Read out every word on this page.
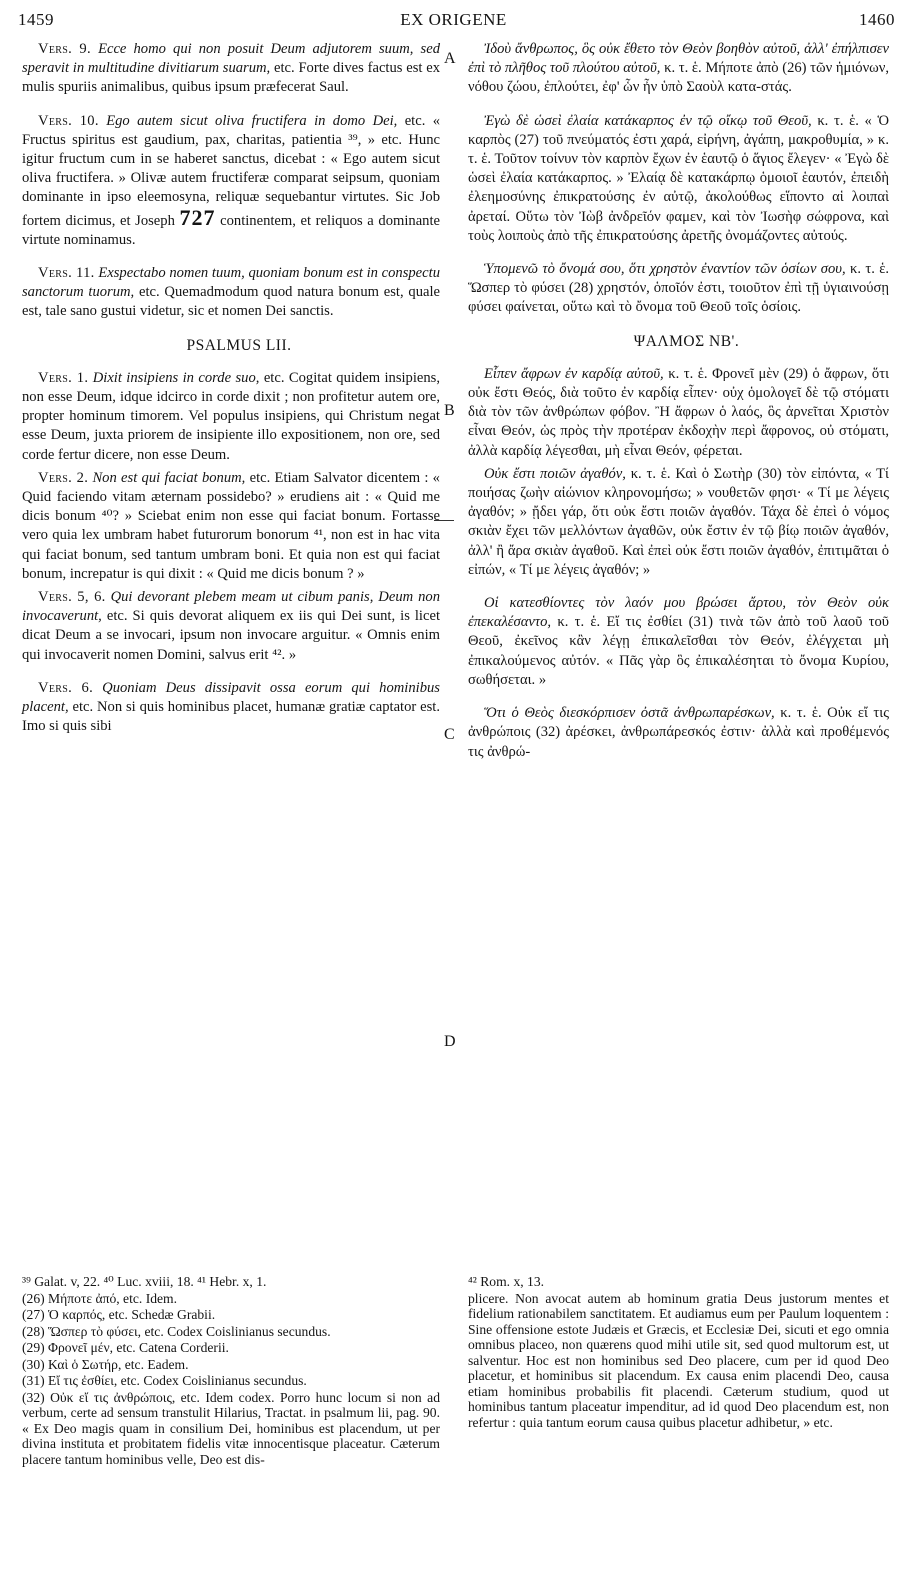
1459	EX ORIGENE	1460
A
B
C
D

Vers. 9. Ecce homo qui non posuit Deum adjutorem suum, sed speravit in multitudine divitiarum suarum, etc. Forte dives factus est ex mulis spuriis animalibus, quibus ipsum præfecerat Saul.

Vers. 10. Ego autem sicut oliva fructifera in domo Dei, etc. « Fructus spiritus est gaudium, pax, charitas, patientia ³⁹, » etc. Hunc igitur fructum cum in se haberet sanctus, dicebat : « Ego autem sicut oliva fructifera. » Olivæ autem fructiferæ comparat seipsum, quoniam dominante in ipso eleemosyna, reliquæ sequebantur virtutes. Sic Job fortem dicimus, et Joseph 727 continentem, et reliquos a dominante virtute nominamus.

Vers. 11. Exspectabo nomen tuum, quoniam bonum est in conspectu sanctorum tuorum, etc. Quemadmodum quod natura bonum est, quale est, tale sano gustui videtur, sic et nomen Dei sanctis.

PSALMUS LII.

Vers. 1. Dixit insipiens in corde suo, etc. Cogitat quidem insipiens, non esse Deum, idque idcirco in corde dixit ; non profitetur autem ore, propter hominum timorem. Vel populus insipiens, qui Christum negat esse Deum, juxta priorem de insipiente illo expositionem, non ore, sed corde fertur dicere, non esse Deum.

Vers. 2. Non est qui faciat bonum, etc. Etiam Salvator dicentem : « Quid faciendo vitam æternam possidebo? » erudiens ait : « Quid me dicis bonum ⁴⁰? » Sciebat enim non esse qui faciat bonum. Fortasse vero quia lex umbram habet futurorum bonorum ⁴¹, non est in hac vita qui faciat bonum, sed tantum umbram boni. Et quia non est qui faciat bonum, increpatur is qui dixit : « Quid me dicis bonum ? »

Vers. 5, 6. Qui devorant plebem meam ut cibum panis, Deum non invocaverunt, etc. Si quis devorat aliquem ex iis qui Dei sunt, is licet dicat Deum a se invocari, ipsum non invocare arguitur. « Omnis enim qui invocaverit nomen Domini, salvus erit ⁴². »

Vers. 6. Quoniam Deus dissipavit ossa eorum qui hominibus placent, etc. Non si quis hominibus placet, humanæ gratiæ captator est. Imo si quis sibi

Ἰδοὺ ἄνθρωπος, ὃς οὐκ ἔθετο τὸν Θεὸν βοηθὸν αὐτοῦ, ἀλλ' ἐπήλπισεν ἐπὶ τὸ πλῆθος τοῦ πλούτου αὐτοῦ, κ. τ. ἑ. Μήποτε ἀπὸ (26) τῶν ἡμιόνων, νόθου ζώου, ἐπλούτει, ἐφ' ὧν ἦν ὑπὸ Σαοὺλ κατα-στάς.

Ἐγὼ δὲ ὡσεὶ ἐλαία κατάκαρπος ἐν τῷ οἴκῳ τοῦ Θεοῦ, κ. τ. ἑ. « Ὁ καρπὸς (27) τοῦ πνεύματός ἐστι χαρά, εἰρήνη, ἀγάπη, μακροθυμία, » κ. τ. ἑ. Τοῦτον τοίνυν τὸν καρπὸν ἔχων ἐν ἑαυτῷ ὁ ἅγιος ἔλεγεν· « Ἐγὼ δὲ ὡσεὶ ἐλαία κατάκαρπος. » Ἐλαίᾳ δὲ κατακάρπῳ ὁμοιοῖ ἑαυτόν, ἐπειδὴ ἐλεημοσύνης ἐπικρατούσης ἐν αὐτῷ, ἀκολούθως εἵποντο αἱ λοιπαὶ ἀρεταί. Οὕτω τὸν Ἰὼβ ἀνδρεῖόν φαμεν, καὶ τὸν Ἰωσὴφ σώφρονα, καὶ τοὺς λοιποὺς ἀπὸ τῆς ἐπικρατούσης ἀρετῆς ὀνομάζοντες αὐτούς.

Ὑπομενῶ τὸ ὄνομά σου, ὅτι χρηστὸν ἐναντίον τῶν ὁσίων σου, κ. τ. ἑ. Ὥσπερ τὸ φύσει (28) χρηστόν, ὁποῖόν ἐστι, τοιοῦτον ἐπὶ τῇ ὑγιαινούσῃ φύσει φαίνεται, οὕτω καὶ τὸ ὄνομα τοῦ Θεοῦ τοῖς ὁσίοις.

ΨΑΛΜΟΣ ΝΒ'.

Εἶπεν ἄφρων ἐν καρδίᾳ αὐτοῦ, κ. τ. ἑ. Φρονεῖ μὲν (29) ὁ ἄφρων, ὅτι οὐκ ἔστι Θεός, διὰ τοῦτο ἐν καρδίᾳ εἶπεν· οὐχ ὁμολογεῖ δὲ τῷ στόματι διὰ τὸν τῶν ἀνθρώπων φόβον. Ἢ ἄφρων ὁ λαός, ὃς ἀρνεῖται Χριστὸν εἶναι Θεόν, ὡς πρὸς τὴν προτέραν ἐκδοχὴν περὶ ἄφρονος, οὐ στόματι, ἀλλὰ καρδίᾳ λέγεσθαι, μὴ εἶναι Θεόν, φέρεται.

Οὐκ ἔστι ποιῶν ἀγαθόν, κ. τ. ἑ. Καὶ ὁ Σωτὴρ (30) τὸν εἰπόντα, « Τί ποιήσας ζωὴν αἰώνιον κληρονομήσω; » νουθετῶν φησι· « Τί με λέγεις ἀγαθόν; » ᾔδει γάρ, ὅτι οὐκ ἔστι ποιῶν ἀγαθόν. Τάχα δὲ ἐπεὶ ὁ νόμος σκιὰν ἔχει τῶν μελλόντων ἀγαθῶν, οὐκ ἔστιν ἐν τῷ βίῳ ποιῶν ἀγαθόν, ἀλλ' ἢ ἄρα σκιὰν ἀγαθοῦ. Καὶ ἐπεὶ οὐκ ἔστι ποιῶν ἀγαθόν, ἐπιτιμᾶται ὁ εἰπών, « Τί με λέγεις ἀγαθόν; »

Οἱ κατεσθίοντες τὸν λαόν μου βρώσει ἄρτου, τὸν Θεὸν οὐκ ἐπεκαλέσαντο, κ. τ. ἑ. Εἴ τις ἐσθίει (31) τινὰ τῶν ἀπὸ τοῦ λαοῦ τοῦ Θεοῦ, ἐκεῖνος κἂν λέγῃ ἐπικαλεῖσθαι τὸν Θεόν, ἐλέγχεται μὴ ἐπικαλούμενος αὐτόν. « Πᾶς γὰρ ὃς ἐπικαλέσηται τὸ ὄνομα Κυρίου, σωθήσεται. »

Ὅτι ὁ Θεὸς διεσκόρπισεν ὀστᾶ ἀνθρωπαρέσκων, κ. τ. ἑ. Οὐκ εἴ τις ἀνθρώποις (32) ἀρέσκει, ἀνθρωπάρεσκός ἐστιν· ἀλλὰ καὶ προθέμενός τις ἀνθρώ-

³⁹ Galat. v, 22. ⁴⁰ Luc. xviii, 18. ⁴¹ Hebr. x, 1.
(26) Μήποτε ἀπό, etc. Idem.
(27) Ὁ καρπός, etc. Schedæ Grabii.
(28) Ὥσπερ τὸ φύσει, etc. Codex Coislinianus secundus.
(29) Φρονεῖ μέν, etc. Catena Corderii.
(30) Καὶ ὁ Σωτήρ, etc. Eadem.
(31) Εἴ τις ἐσθίει, etc. Codex Coislinianus secundus.
(32) Οὐκ εἴ τις ἀνθρώποις, etc. Idem codex. Porro hunc locum si non ad verbum, certe ad sensum transtulit Hilarius, Tractat. in psalmum lii, pag. 90. « Ex Deo magis quam in consilium Dei, hominibus est placendum, ut per divina instituta et probitatem fidelis vitæ innocentisque placeatur. Cæterum placere tantum hominibus velle, Deo est dis-
⁴² Rom. x, 13.

plicere. Non avocat autem ab hominum gratia Deus justorum mentes et fidelium rationabilem sanctitatem. Et audiamus eum per Paulum loquentem : Sine offensione estote Judæis et Græcis, et Ecclesiæ Dei, sicuti et ego omnia omnibus placeo, non quærens quod mihi utile sit, sed quod multorum est, ut salventur. Hoc est non hominibus sed Deo placere, cum per id quod Deo placetur, et hominibus sit placendum. Ex causa enim placendi Deo, causa etiam hominibus probabilis fit placendi. Cæterum studium, quod ut hominibus tantum placeatur impenditur, ad id quod Deo placendum est, non refertur : quia tantum eorum causa quibus placetur adhibetur, » etc.
